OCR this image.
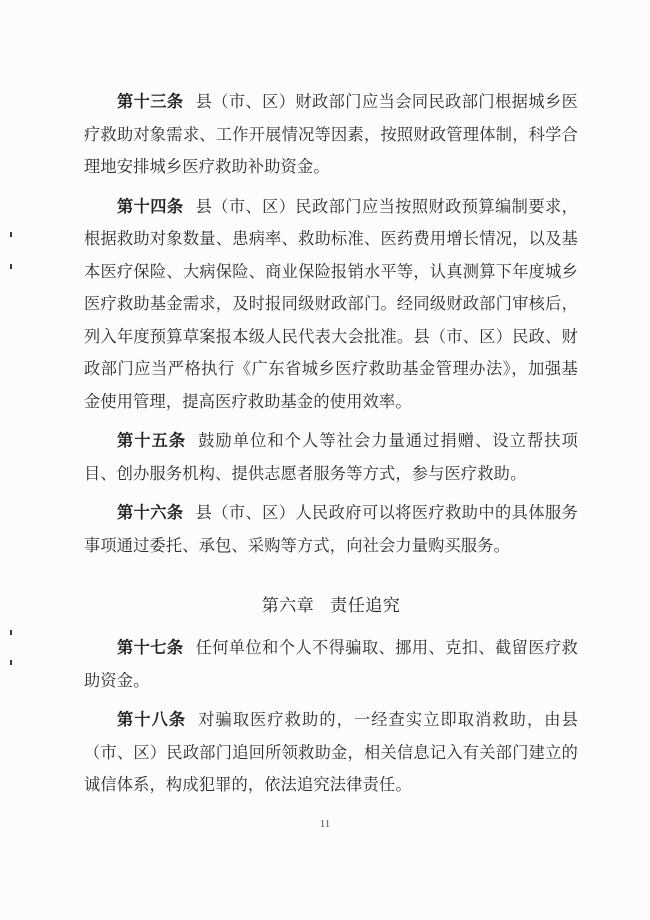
第十三条 县（市、区）财政部门应当会同民政部门根据城乡医疗救助对象需求、工作开展情况等因素，按照财政管理体制，科学合理地安排城乡医疗救助补助资金。

第十四条 县（市、区）民政部门应当按照财政预算编制要求，根据救助对象数量、患病率、救助标准、医药费用增长情况，以及基本医疗保险、大病保险、商业保险报销水平等，认真测算下年度城乡医疗救助基金需求，及时报同级财政部门。经同级财政部门审核后，列入年度预算草案报本级人民代表大会批准。县（市、区）民政、财政部门应当严格执行《广东省城乡医疗救助基金管理办法》，加强基金使用管理，提高医疗救助基金的使用效率。

第十五条 鼓励单位和个人等社会力量通过捐赠、设立帮扶项目、创办服务机构、提供志愿者服务等方式，参与医疗救助。

第十六条 县（市、区）人民政府可以将医疗救助中的具体服务事项通过委托、承包、采购等方式，向社会力量购买服务。

第六章 责任追究

第十七条 任何单位和个人不得骗取、挪用、克扣、截留医疗救助资金。

第十八条 对骗取医疗救助的，一经查实立即取消救助，由县（市、区）民政部门追回所领救助金，相关信息记入有关部门建立的诚信体系，构成犯罪的，依法追究法律责任。

11
